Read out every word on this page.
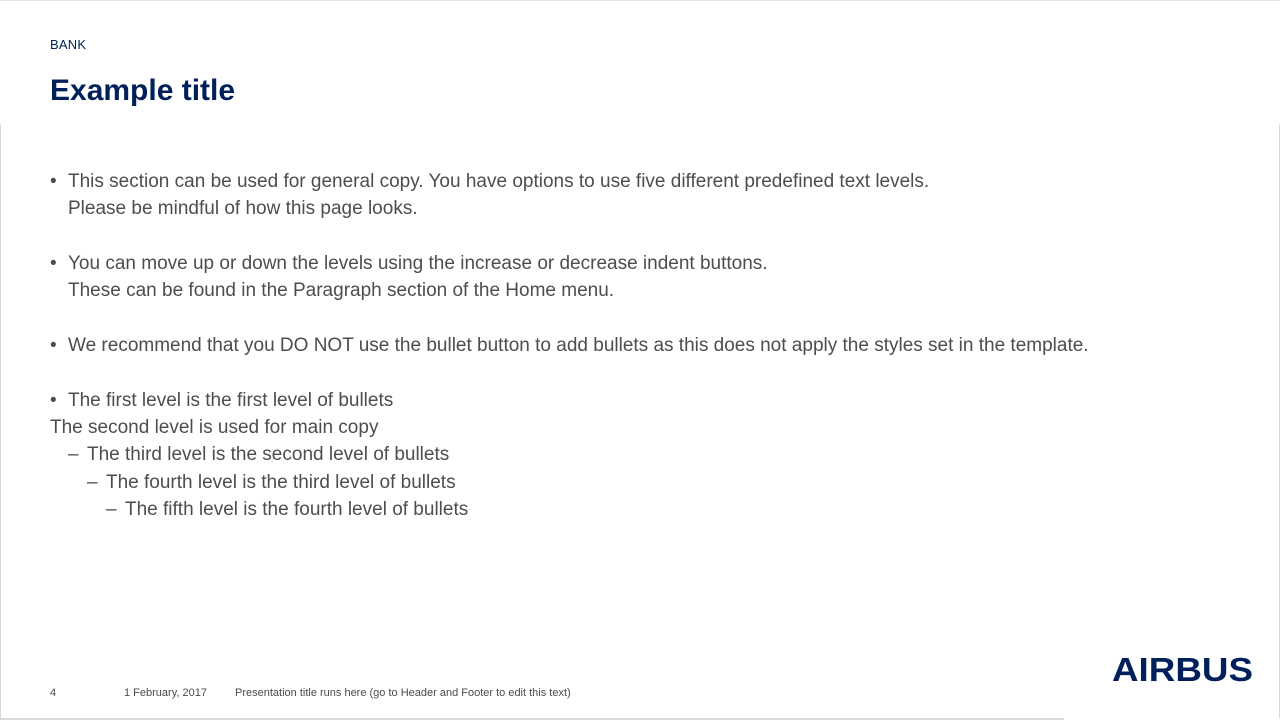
BANK
Example title
• This section can be used for general copy. You have options to use five different predefined text levels.
Please be mindful of how this page looks.
• You can move up or down the levels using the increase or decrease indent buttons.
These can be found in the Paragraph section of the Home menu.
• We recommend that you DO NOT use the bullet button to add bullets as this does not apply the styles set in the template.
• The first level is the first level of bullets
The second level is used for main copy
– The third level is the second level of bullets
– The fourth level is the third level of bullets
– The fifth level is the fourth level of bullets
4	1 February, 2017	Presentation title runs here (go to Header and Footer to edit this text)
AIRBUS
